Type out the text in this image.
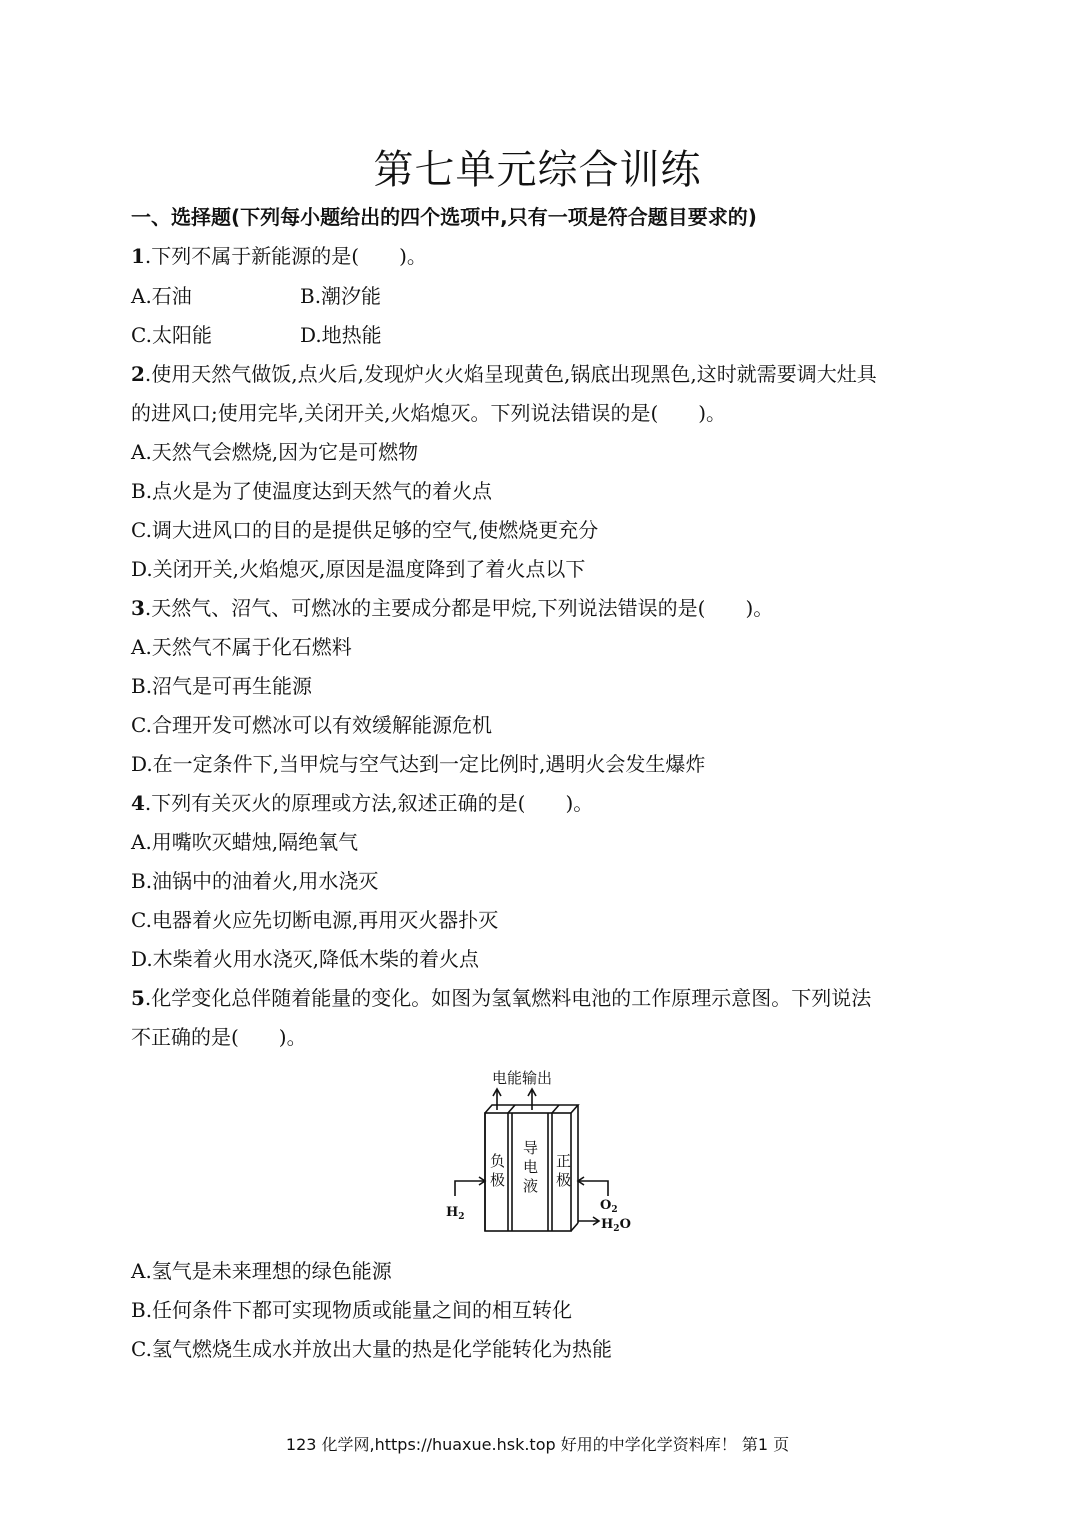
第七单元综合训练
一、选择题(下列每小题给出的四个选项中,只有一项是符合题目要求的)
1.下列不属于新能源的是(　　)。
A.石油	B.潮汐能
C.太阳能	D.地热能
2.使用天然气做饭,点火后,发现炉火火焰呈现黄色,锅底出现黑色,这时就需要调大灶具
的进风口;使用完毕,关闭开关,火焰熄灭。下列说法错误的是(　　)。
A.天然气会燃烧,因为它是可燃物
B.点火是为了使温度达到天然气的着火点
C.调大进风口的目的是提供足够的空气,使燃烧更充分
D.关闭开关,火焰熄灭,原因是温度降到了着火点以下
3.天然气、沼气、可燃冰的主要成分都是甲烷,下列说法错误的是(　　)。
A.天然气不属于化石燃料
B.沼气是可再生能源
C.合理开发可燃冰可以有效缓解能源危机
D.在一定条件下,当甲烷与空气达到一定比例时,遇明火会发生爆炸
4.下列有关灭火的原理或方法,叙述正确的是(　　)。
A.用嘴吹灭蜡烛,隔绝氧气
B.油锅中的油着火,用水浇灭
C.电器着火应先切断电源,再用灭火器扑灭
D.木柴着火用水浇灭,降低木柴的着火点
5.化学变化总伴随着能量的变化。如图为氢氧燃料电池的工作原理示意图。下列说法
不正确的是(　　)。
电能输出
负
极
导
电
液
正
极
$H_2$
$O_2$
$H_2O$
A.氢气是未来理想的绿色能源
B.任何条件下都可实现物质或能量之间的相互转化
C.氢气燃烧生成水并放出大量的热是化学能转化为热能
123 化学网,https://huaxue.hsk.top 好用的中学化学资料库！ 第1 页
